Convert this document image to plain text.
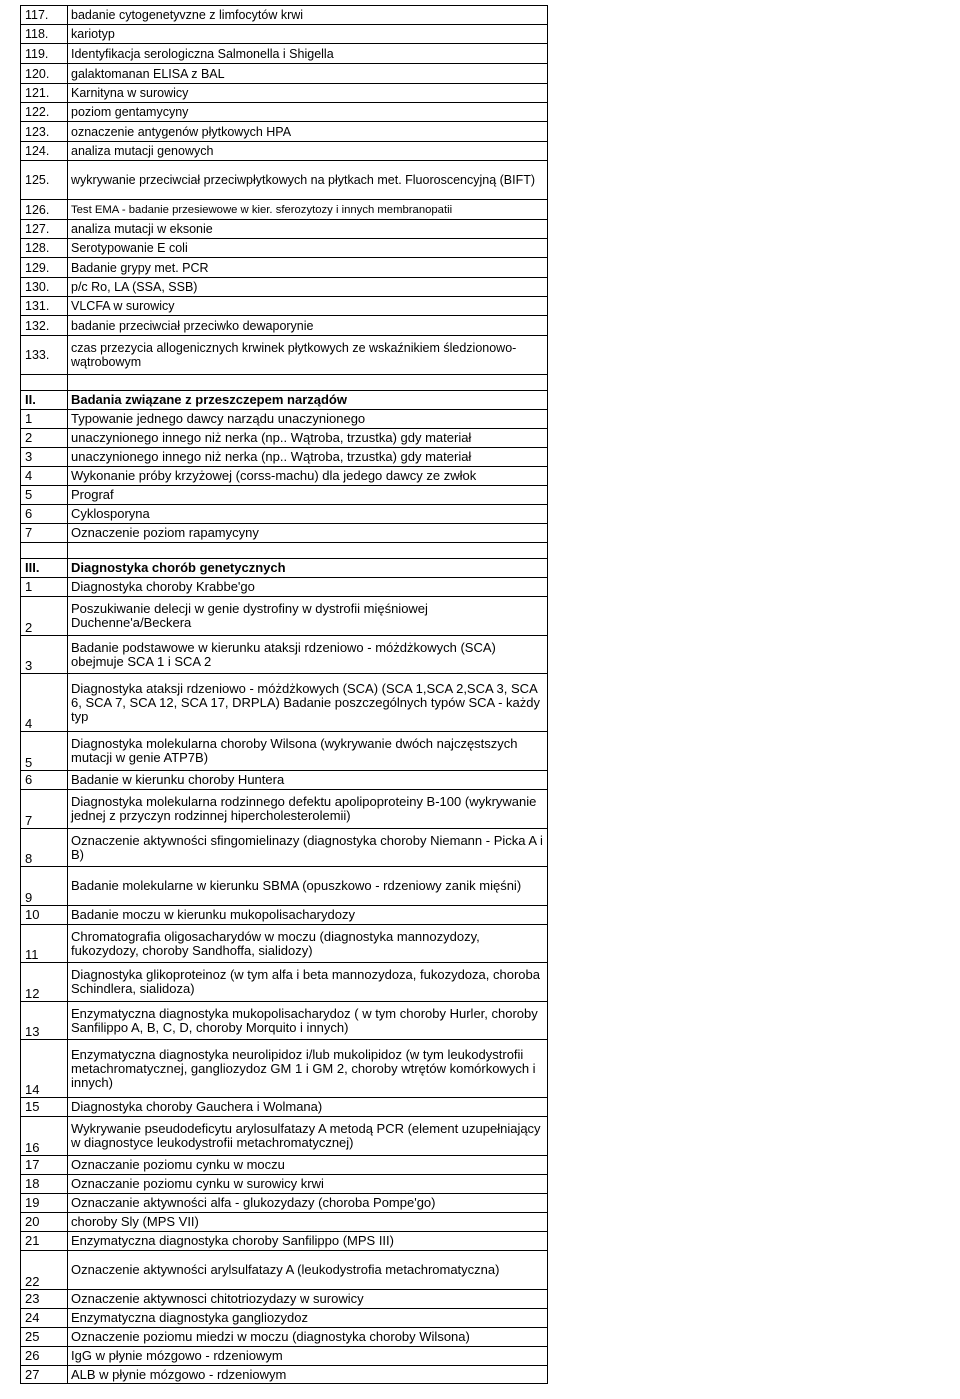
117.	badanie cytogenetyvzne z limfocytów krwi
118.	kariotyp
119.	Identyfikacja serologiczna Salmonella i Shigella
120.	galaktomanan ELISA z BAL
121.	Karnityna w surowicy
122.	poziom gentamycyny
123.	oznaczenie antygenów płytkowych HPA
124.	analiza mutacji genowych
125.	wykrywanie przeciwciał przeciwpłytkowych na płytkach met. Fluoroscencyjną (BIFT)
126.	Test EMA - badanie przesiewowe w kier. sferozytozy i innych membranopatii
127.	analiza mutacji w eksonie
128.	Serotypowanie E coli
129.	Badanie grypy met. PCR
130.	p/c Ro, LA (SSA, SSB)
131.	VLCFA w surowicy
132.	badanie przeciwciał przeciwko dewaporynie
133.	czas przezycia allogenicznych krwinek płytkowych ze wskaźnikiem śledzionowo-wątrobowym

II.	Badania związane z przeszczepem narządów
1	Typowanie jednego dawcy narządu unaczynionego
2	unaczynionego innego niż nerka (np.. Wątroba, trzustka) gdy materiał
3	unaczynionego innego niż nerka (np.. Wątroba, trzustka) gdy materiał
4	Wykonanie próby krzyżowej (corss-machu) dla jedego dawcy ze zwłok
5	Prograf
6	Cyklosporyna
7	Oznaczenie poziom rapamycyny

III.	Diagnostyka chorób genetycznych
1	Diagnostyka choroby Krabbe'go
2	Poszukiwanie delecji w genie dystrofiny w dystrofii mięśniowej Duchenne'a/Beckera
3	Badanie podstawowe w kierunku ataksji rdzeniowo - móżdżkowych (SCA) obejmuje SCA 1 i SCA 2
4	Diagnostyka ataksji rdzeniowo - móżdżkowych (SCA) (SCA 1,SCA 2,SCA 3, SCA 6, SCA 7, SCA 12, SCA 17, DRPLA) Badanie poszczególnych typów SCA - każdy typ
5	Diagnostyka molekularna choroby Wilsona (wykrywanie dwóch najczęstszych mutacji w genie ATP7B)
6	Badanie w kierunku choroby Huntera
7	Diagnostyka molekularna rodzinnego defektu apolipoproteiny B-100 (wykrywanie jednej z przyczyn rodzinnej hipercholesterolemii)
8	Oznaczenie aktywności sfingomielinazy (diagnostyka choroby Niemann - Picka A i B)
9	Badanie molekularne w kierunku SBMA (opuszkowo - rdzeniowy zanik mięśni)
10	Badanie moczu w kierunku mukopolisacharydozy
11	Chromatografia oligosacharydów w moczu (diagnostyka mannozydozy, fukozydozy, choroby Sandhoffa, sialidozy)
12	Diagnostyka glikoproteinoz (w tym alfa i beta mannozydoza, fukozydoza, choroba Schindlera, sialidoza)
13	Enzymatyczna diagnostyka mukopolisacharydoz ( w tym choroby Hurler, choroby Sanfilippo A, B, C, D, choroby Morquito i innych)
14	Enzymatyczna diagnostyka neurolipidoz i/lub mukolipidoz (w tym leukodystrofii metachromatycznej, gangliozydoz GM 1 i GM 2, choroby wtrętów komórkowych i innych)
15	Diagnostyka choroby Gauchera i Wolmana)
16	Wykrywanie pseudodeficytu arylosulfatazy A metodą PCR (element uzupełniający w diagnostyce leukodystrofii metachromatycznej)
17	Oznaczanie poziomu cynku w moczu
18	Oznaczanie poziomu cynku w surowicy krwi
19	Oznaczanie aktywności alfa - glukozydazy (choroba Pompe'go)
20	choroby Sly (MPS VII)
21	Enzymatyczna diagnostyka choroby Sanfilippo (MPS III)
22	Oznaczenie aktywności arylsulfatazy A (leukodystrofia metachromatyczna)
23	Oznaczenie aktywnosci chitotriozydazy w surowicy
24	Enzymatyczna diagnostyka gangliozydoz
25	Oznaczenie poziomu miedzi w moczu (diagnostyka choroby Wilsona)
26	IgG w płynie mózgowo - rdzeniowym
27	ALB w płynie mózgowo - rdzeniowym
